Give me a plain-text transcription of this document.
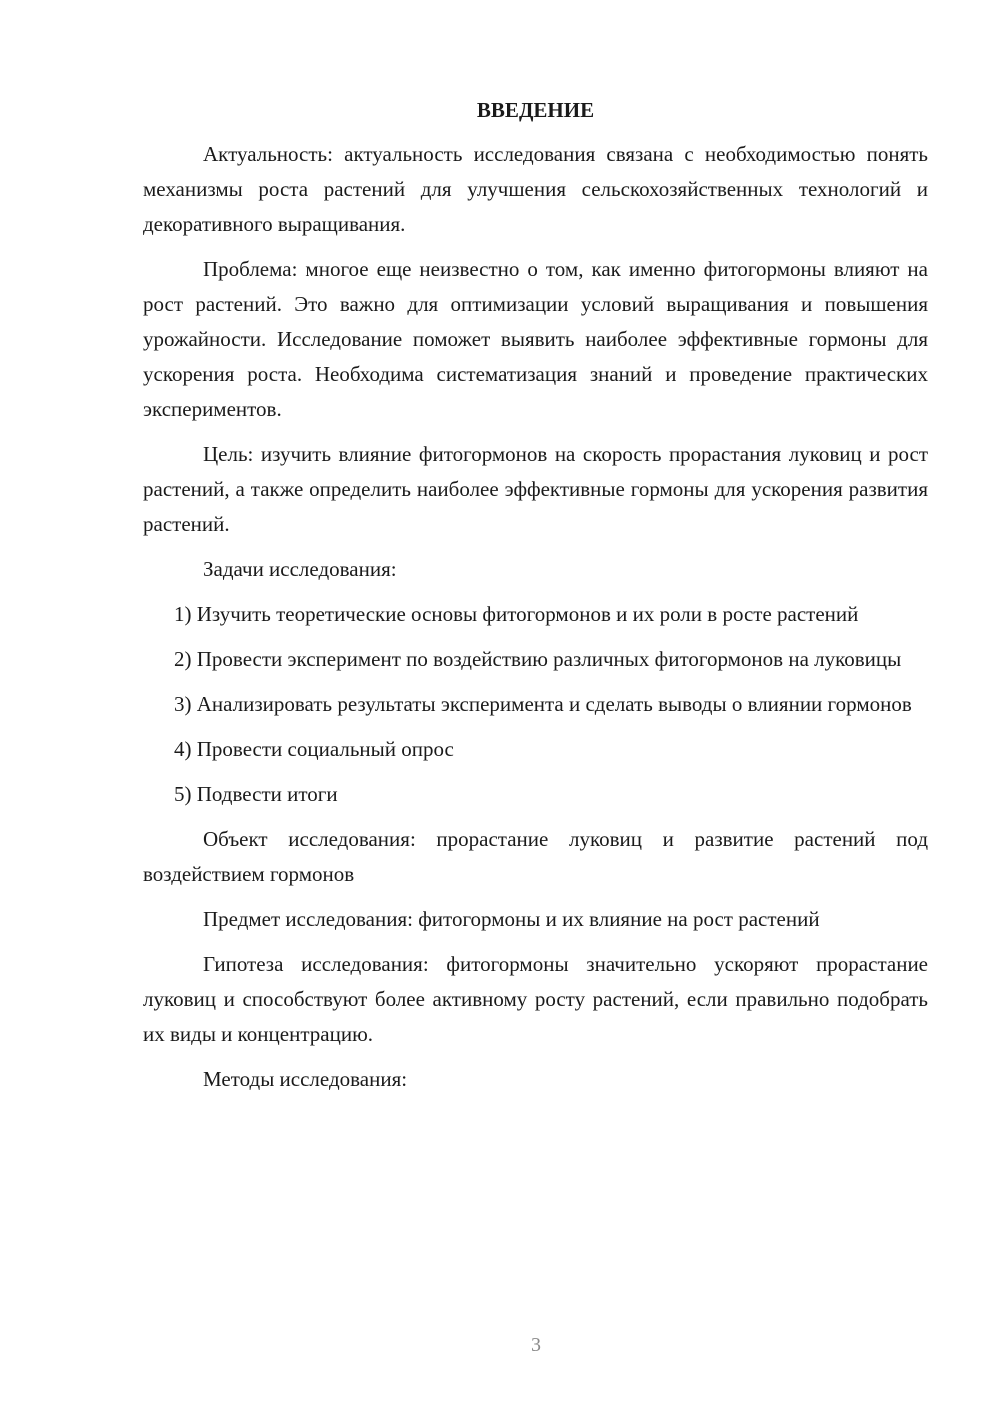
ВВЕДЕНИЕ

Актуальность: актуальность исследования связана с необходимостью понять механизмы роста растений для улучшения сельскохозяйственных технологий и декоративного выращивания.

Проблема: многое еще неизвестно о том, как именно фитогормоны влияют на рост растений. Это важно для оптимизации условий выращивания и повышения урожайности. Исследование поможет выявить наиболее эффективные гормоны для ускорения роста. Необходима систематизация знаний и проведение практических экспериментов.

Цель: изучить влияние фитогормонов на скорость прорастания луковиц и рост растений, а также определить наиболее эффективные гормоны для ускорения развития растений.

Задачи исследования:

1) Изучить теоретические основы фитогормонов и их роли в росте растений

2) Провести эксперимент по воздействию различных фитогормонов на луковицы

3) Анализировать результаты эксперимента и сделать выводы о влиянии гормонов

4) Провести социальный опрос

5) Подвести итоги

Объект исследования: прорастание луковиц и развитие растений под воздействием гормонов

Предмет исследования: фитогормоны и их влияние на рост растений

Гипотеза исследования: фитогормоны значительно ускоряют прорастание луковиц и способствуют более активному росту растений, если правильно подобрать их виды и концентрацию.

Методы исследования:

3
